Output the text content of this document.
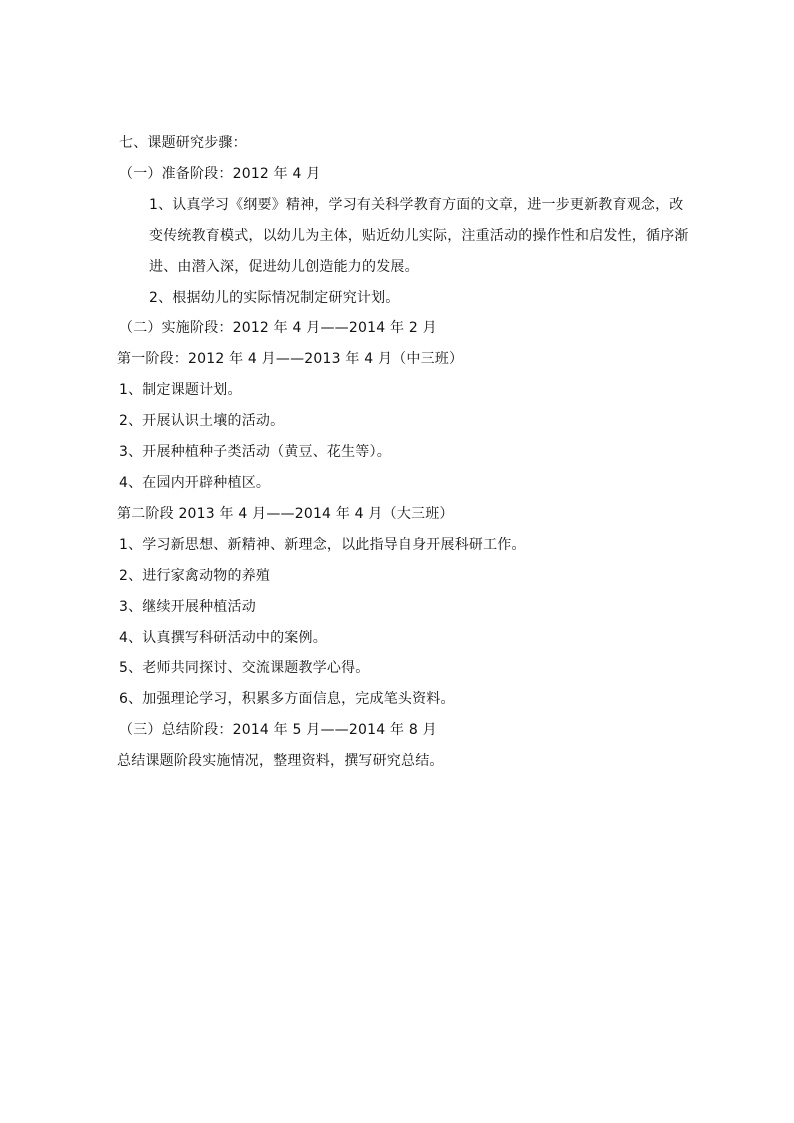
七、课题研究步骤：
（一）准备阶段：2012 年 4 月
1、认真学习《纲要》精神，学习有关科学教育方面的文章，进一步更新教育观念，改变传统教育模式，以幼儿为主体，贴近幼儿实际，注重活动的操作性和启发性，循序渐进、由潜入深，促进幼儿创造能力的发展。
2、根据幼儿的实际情况制定研究计划。
（二）实施阶段：2012 年 4 月——2014 年 2 月
第一阶段：2012 年 4 月——2013 年 4 月（中三班）
1、制定课题计划。
2、开展认识土壤的活动。
3、开展种植种子类活动（黄豆、花生等）。
4、在园内开辟种植区。
第二阶段 2013 年 4 月——2014 年 4 月（大三班）
1、学习新思想、新精神、新理念，以此指导自身开展科研工作。
2、进行家禽动物的养殖
3、继续开展种植活动
4、认真撰写科研活动中的案例。
5、老师共同探讨、交流课题教学心得。
6、加强理论学习，积累多方面信息，完成笔头资料。
（三）总结阶段：2014 年 5 月——2014 年 8 月
总结课题阶段实施情况，整理资料，撰写研究总结。
